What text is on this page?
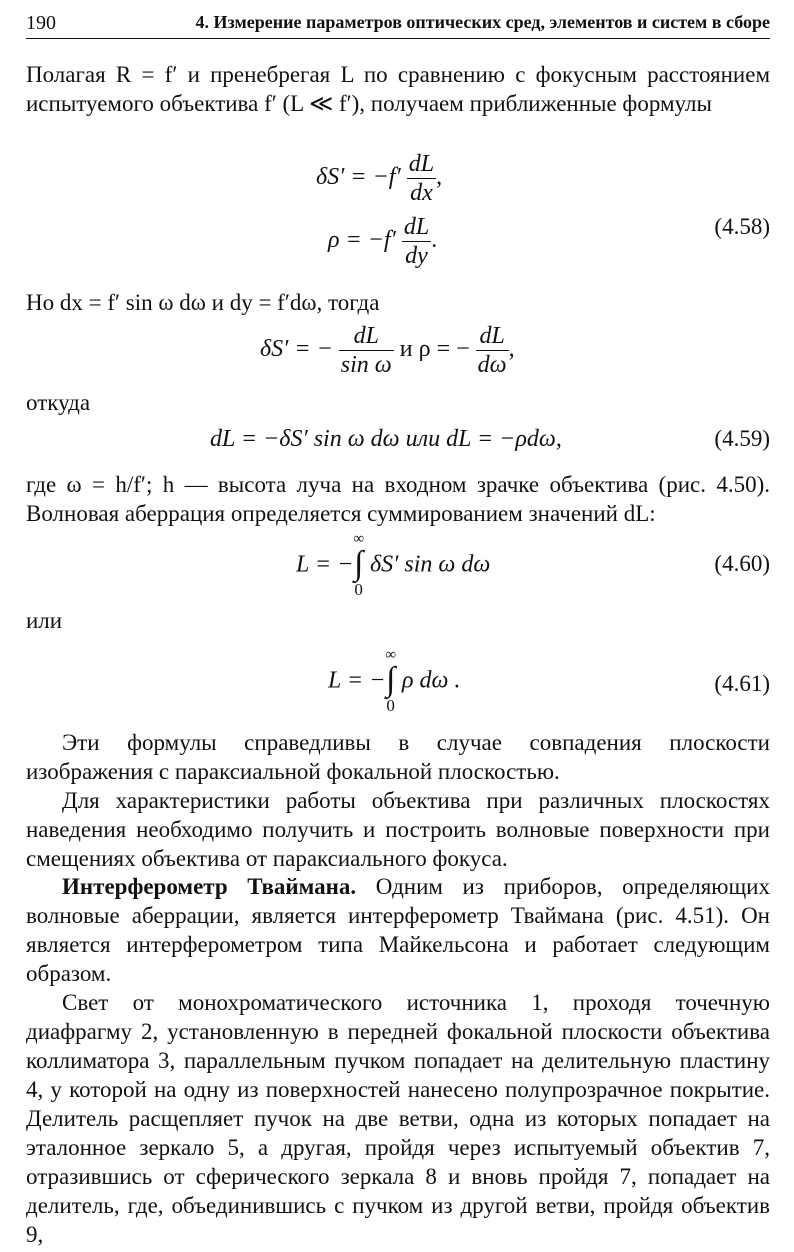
190	4. Измерение параметров оптических сред, элементов и систем в сборе

Полагая R = f′ и пренебрегая L по сравнению с фокусным расстоянием испытуемого объектива f′ (L ≪ f′), получаем приближенные формулы

$\delta S' = -f' \frac{dL}{dx}$ ,
$\rho = -f' \frac{dL}{dy}$ .
(4.58)

Но dx = f′ sin ω dω и dy = f′dω, тогда

δS′ = − $\frac{dL}{\text{sin ω}}$ и ρ = − $\frac{dL}{d\omega}$ ,

откуда

dL = −δS′ sin ω dω или dL = −ρdω,	(4.59)

где ω = h/f′; h — высота луча на входном зрачке объектива (рис. 4.50). Волновая аберрация определяется суммированием значений dL:

L = −
∞
∫
0
δS′ sin ω dω	(4.60)

или

L = −
∞
∫
0
ρ dω .	(4.61)

Эти формулы справедливы в случае совпадения плоскости изображения с параксиальной фокальной плоскостью.

Для характеристики работы объектива при различных плоскостях наведения необходимо получить и построить волновые поверхности при смещениях объектива от параксиального фокуса.

Интерферометр Тваймана. Одним из приборов, определяющих волновые аберрации, является интерферометр Тваймана (рис. 4.51). Он является интерферометром типа Майкельсона и работает следующим образом.

Свет от монохроматического источника 1, проходя точечную диафрагму 2, установленную в передней фокальной плоскости объектива коллиматора 3, параллельным пучком попадает на делительную пластину 4, у которой на одну из поверхностей нанесено полупрозрачное покрытие. Делитель расщепляет пучок на две ветви, одна из которых попадает на эталонное зеркало 5, а другая, пройдя через испытуемый объектив 7, отразившись от сферического зеркала 8 и вновь пройдя 7, попадает на делитель, где, объединившись с пучком из другой ветви, пройдя объектив 9,
